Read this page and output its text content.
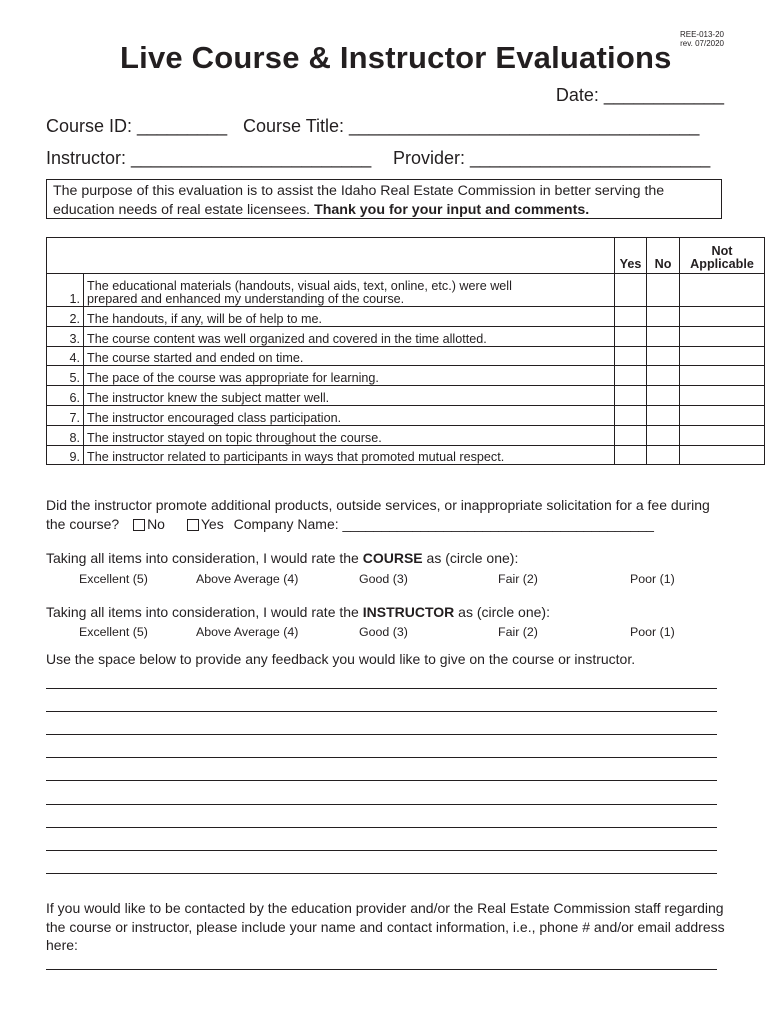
REE-013-20
rev. 07/2020
Live Course & Instructor Evaluations
Date: ____________
Course ID: _________ Course Title: ___________________________________
Instructor: ________________________ Provider: ________________________
The purpose of this evaluation is to assist the Idaho Real Estate Commission in better serving the education needs of real estate licensees. Thank you for your input and comments.
		Yes	No	Not
Applicable

1.	The educational materials (handouts, visual aids, text, online, etc.) were well
prepared and enhanced my understanding of the course.			

2.	The handouts, if any, will be of help to me.			
3.	The course content was well organized and covered in the time allotted.			
4.	The course started and ended on time.			
5.	The pace of the course was appropriate for learning.			
6.	The instructor knew the subject matter well.			
7.	The instructor encouraged class participation.			
8.	The instructor stayed on topic throughout the course.			
9.	The instructor related to participants in ways that promoted mutual respect.			
Did the instructor promote additional products, outside services, or inappropriate solicitation for a fee during
the course? No	Yes Company Name: ________________________________________
Taking all items into consideration, I would rate the COURSE as (circle one):
Excellent (5)	Above Average (4)	Good (3)	Fair (2)	Poor (1)
Taking all items into consideration, I would rate the INSTRUCTOR as (circle one):
Excellent (5)	Above Average (4)	Good (3)	Fair (2)	Poor (1)
Use the space below to provide any feedback you would like to give on the course or instructor.
If you would like to be contacted by the education provider and/or the Real Estate Commission staff regarding the course or instructor, please include your name and contact information, i.e., phone # and/or email address here:
